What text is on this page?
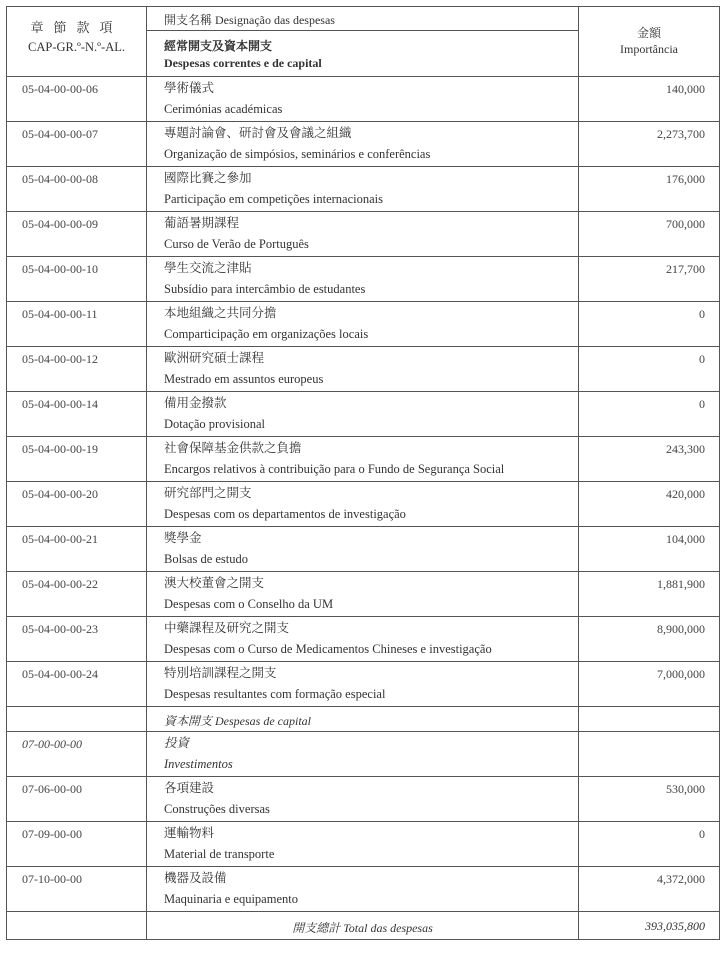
章節款項
CAP-GR.º-N.º-AL.	開支名稱 Designação das despesas	金額
Importância

	經常開支及資本開支
Despesas correntes e de capital	

05-04-00-00-06	學術儀式
Cerimónias académicas	140,000
05-04-00-00-07	專題討論會、研討會及會議之組織
Organização de simpósios, seminários e conferências	2,273,700
05-04-00-00-08	國際比賽之參加
Participação em competições internacionais	176,000
05-04-00-00-09	葡語暑期課程
Curso de Verão de Português	700,000
05-04-00-00-10	學生交流之津貼
Subsídio para intercâmbio de estudantes	217,700
05-04-00-00-11	本地組織之共同分擔
Comparticipação em organizações locais	0
05-04-00-00-12	歐洲研究碩士課程
Mestrado em assuntos europeus	0
05-04-00-00-14	備用金撥款
Dotação provisional	0
05-04-00-00-19	社會保障基金供款之負擔
Encargos relativos à contribuição para o Fundo de Segurança Social	243,300
05-04-00-00-20	研究部門之開支
Despesas com os departamentos de investigação	420,000
05-04-00-00-21	獎學金
Bolsas de estudo	104,000
05-04-00-00-22	澳大校董會之開支
Despesas com o Conselho da UM	1,881,900
05-04-00-00-23	中藥課程及研究之開支
Despesas com o Curso de Medicamentos Chineses e investigação	8,900,000
05-04-00-00-24	特別培訓課程之開支
Despesas resultantes com formação especial	7,000,000
	資本開支 Despesas de capital	
07-00-00-00	投資
Investimentos	

07-06-00-00	各項建設
Construções diversas	530,000
07-09-00-00	運輸物料
Material de transporte	0
07-10-00-00	機器及設備
Maquinaria e equipamento	4,372,000
	開支總計 Total das despesas	393,035,800
